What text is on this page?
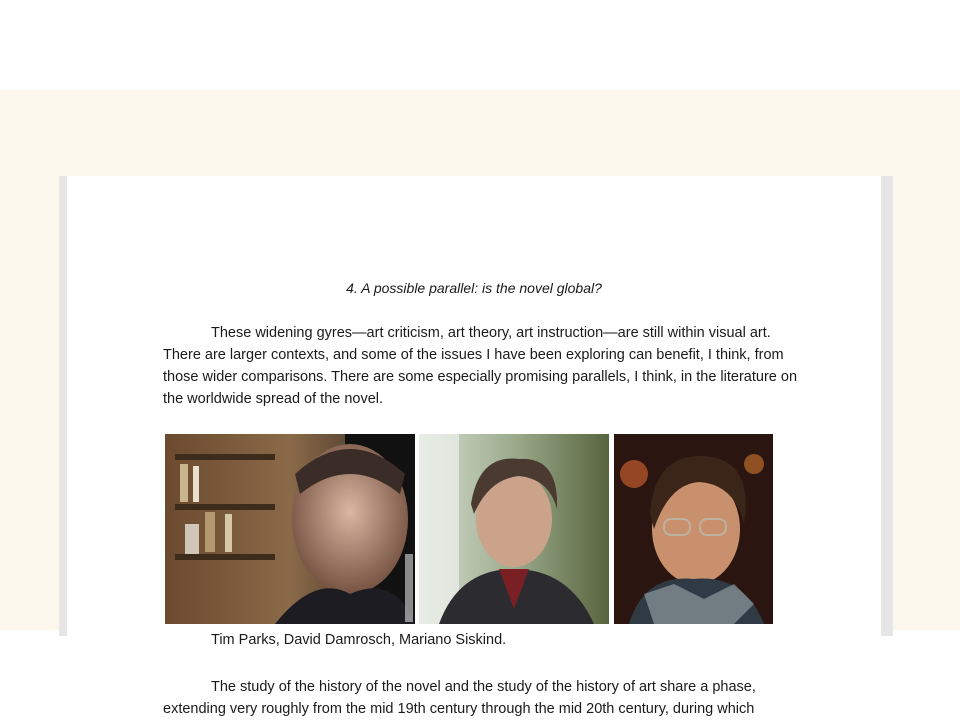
4. A possible parallel: is the novel global?
These widening gyres—art criticism, art theory, art instruction—are still within visual art. There are larger contexts, and some of the issues I have been exploring can benefit, I think, from those wider comparisons. There are some especially promising parallels, I think, in the literature on the worldwide spread of the novel.
Tim Parks, David Damrosch, Mariano Siskind.
The study of the history of the novel and the study of the history of art share a phase, extending very roughly from the mid 19th century through the mid 20th century, during which
